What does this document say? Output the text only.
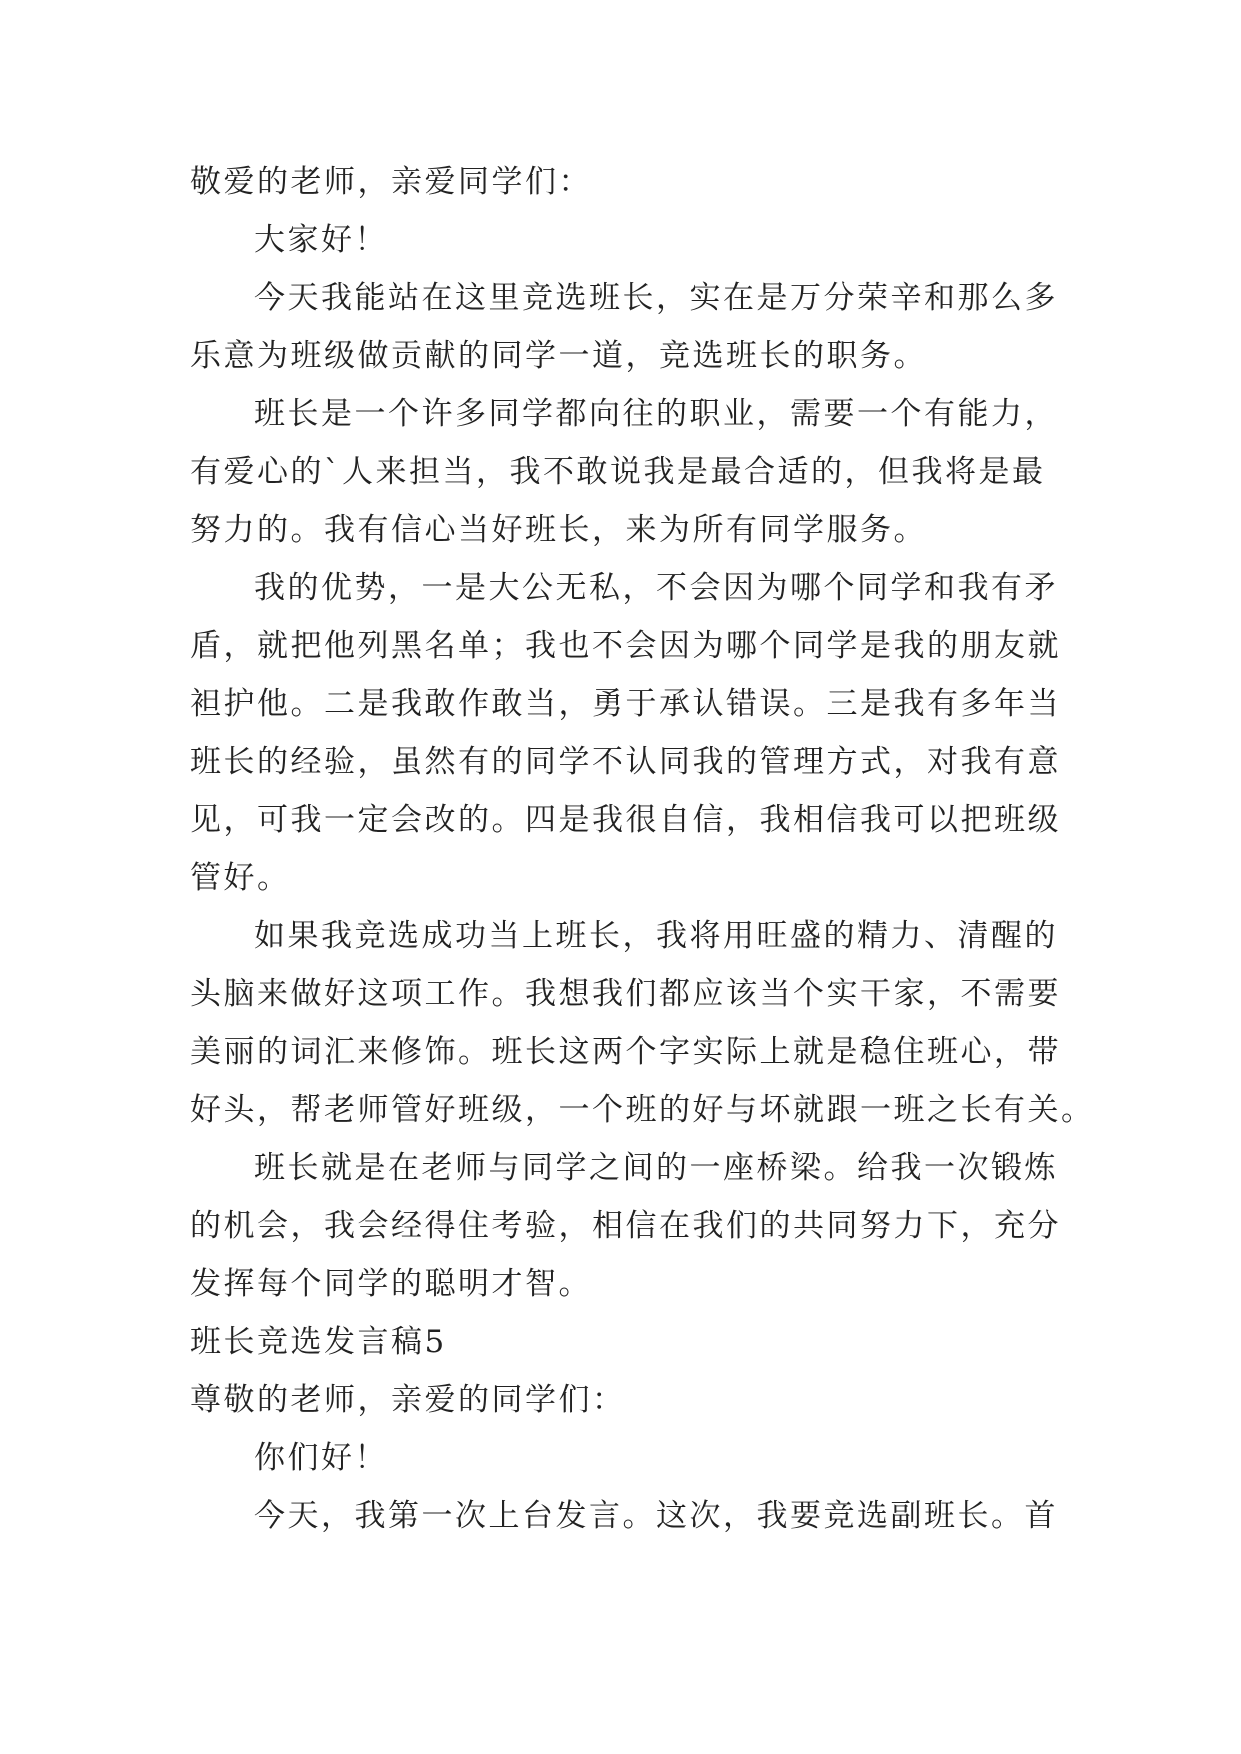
敬爱的老师，亲爱同学们：
大家好！
今天我能站在这里竞选班长，实在是万分荣辛和那么多
乐意为班级做贡献的同学一道，竞选班长的职务。
班长是一个许多同学都向往的职业，需要一个有能力，
有爱心的`人来担当，我不敢说我是最合适的，但我将是最
努力的。我有信心当好班长，来为所有同学服务。
我的优势，一是大公无私，不会因为哪个同学和我有矛
盾，就把他列黑名单；我也不会因为哪个同学是我的朋友就
袒护他。二是我敢作敢当，勇于承认错误。三是我有多年当
班长的经验，虽然有的同学不认同我的管理方式，对我有意
见，可我一定会改的。四是我很自信，我相信我可以把班级
管好。
如果我竞选成功当上班长，我将用旺盛的精力、清醒的
头脑来做好这项工作。我想我们都应该当个实干家，不需要
美丽的词汇来修饰。班长这两个字实际上就是稳住班心，带
好头，帮老师管好班级，一个班的好与坏就跟一班之长有关。
班长就是在老师与同学之间的一座桥梁。给我一次锻炼
的机会，我会经得住考验，相信在我们的共同努力下，充分
发挥每个同学的聪明才智。
班长竞选发言稿5
尊敬的老师，亲爱的同学们：
你们好！
今天，我第一次上台发言。这次，我要竞选副班长。首
